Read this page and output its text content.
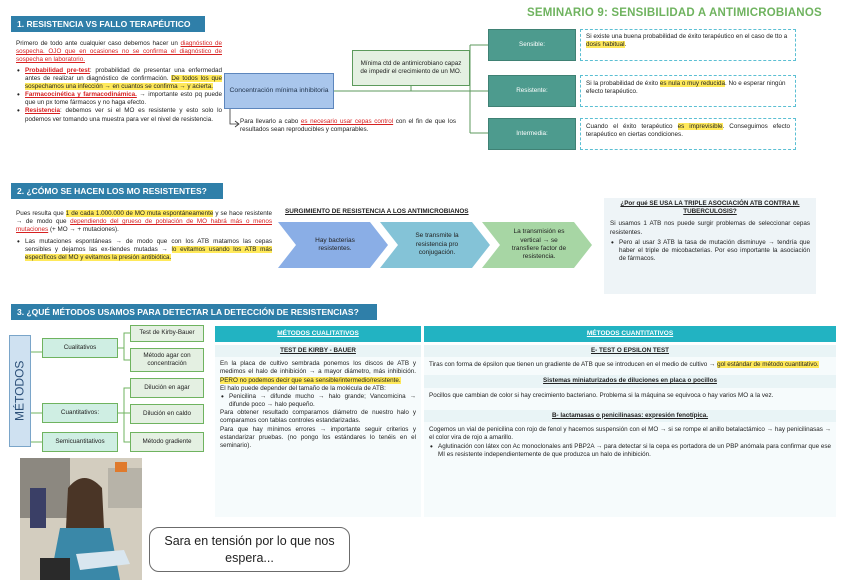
SEMINARIO 9: SENSIBILIDAD A ANTIMICROBIANOS
1. RESISTENCIA VS FALLO TERAPÉUTICO
Primero de todo ante cualquier caso debemos hacer un diagnóstico de sospecha. OJO que en ocasiones no se confirma el diagnóstico de sospecha en laboratorio.
• Probabilidad pre-test: probabilidad de presentar una enfermedad antes de realizar un diagnóstico de confirmación. De todos los que sospechamos una infección → en cuantos se confirma → y acierta.
• Farmacocinética y farmacodinámica. → importante esto pq puede que un px tome fármacos y no haga efecto.
• Resistencia: debemos ver si el MO es resistente y esto solo lo podemos ver tomando una muestra para ver el nivel de resistencia.
Concentración mínima inhibitoria
Mínima ctd de antimicrobiano capaz de impedir el crecimiento de un MO.
Para llevarlo a cabo es necesario usar cepas control con el fin de que los resultados sean reproducibles y comparables.
Sensible:
Si existe una buena probabilidad de éxito terapéutico en el caso de tto a dosis habitual.
Resistente:
Si la probabilidad de éxito es nula o muy reducida. No e esperar ningún efecto terapéutico.
Intermedia:
Cuando el éxito terapéutico es imprevisible. Conseguimos efecto terapéutico en ciertas condiciones.
2. ¿CÓMO SE HACEN LOS MO RESISTENTES?
Pues resulta que 1 de cada 1.000.000 de MO muta espontáneamente y se hace resistente → de modo que dependiendo del grueso de población de MO habrá más o menos mutaciones (+ MO → + mutaciones).
• Las mutaciones espontáneas → de modo que con los ATB matamos las cepas sensibles y dejamos las ex-tiendes mutadas → lo evitamos usando los ATB más específicos del MO y evitamos la presión antibiótica.
SURGIMIENTO DE RESISTENCIA A LOS ANTIMICROBIANOS
Hay bacterias resistentes.
Se transmite la resistencia pro conjugación.
La transmisión es vertical → se transfiere factor de resistencia.
¿Por qué SE USA LA TRIPLE ASOCIACIÓN ATB CONTRA M. TUBERCULOSIS?
Si usamos 1 ATB nos puede surgir problemas de seleccionar cepas resistentes.
• Pero al usar 3 ATB la tasa de mutación disminuye → tendría que haber el triple de micobacterias. Por eso importante la asociación de fármacos.
3. ¿QUÉ MÉTODOS USAMOS PARA DETECTAR LA DETECCIÓN DE RESISTENCIAS?
MÉTODOS
Cualitativos
Cuantitativos:
Semicuantitativos
Test de Kirby-Bauer
Método agar con concentración
Dilución en agar
Dilución en caldo
Método gradiente
MÉTODOS CUALITATIVOS	MÉTODOS CUANTITATIVOS
TEST DE KIRBY - BAUER
En la placa de cultivo sembrada ponemos los discos de ATB y medimos el halo de inhibición → a mayor diámetro, más inhibición. PERO no podemos decir que sea sensible/intermedio/resistente.
El halo puede depender del tamaño de la molécula de ATB:
• Penicilina → difunde mucho → halo grande; Vancomicina → difunde poco → halo pequeño.
Para obtener resultado comparamos diámetro de nuestro halo y comparamos con tablas controles estandarizadas.
Para que hay mínimos errores → importante seguir criterios y estandarizar pruebas. (no pongo los estándares lo tenéis en el seminario).
E- TEST O EPSILON TEST
Tiras con forma de épsilon que tienen un gradiente de ATB que se introducen en el medio de cultivo → gol estándar de método cuantitativo.
Sistemas miniaturizados de diluciones en placa o pocillos
Pocillos que cambian de color si hay crecimiento bacteriano. Problema si la máquina se equivoca o hay varios MO a la vez.
B- lactamasas o penicilinasas: expresión fenotípica.
Cogemos un vial de penicilina con rojo de fenol y hacemos suspensión con el MO → si se rompe el anillo betalactámico → hay penicilinasas → el color vira de rojo a amarillo.
• Aglutinación con látex con Ac monoclonales anti PBP2A → para detectar si la cepa es portadora de un PBP anómala para confirmar que ese MI es resistente independientemente de que produzca un halo de inhibición.
Sara en tensión por lo que nos espera...
